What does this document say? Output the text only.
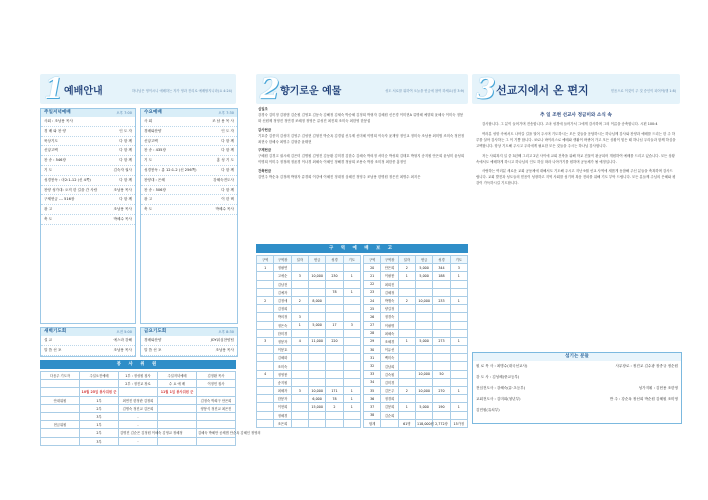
1 예배안내	하나님은 영이시니 예배하는 자가 영과 진리로 예배할지니라(요 4:24)
주일저녁예배	오후 7:00
사회 : 조남용 목사
경 배 와 찬 양	인 도 자
묵상기도	다 함 께
신앙고백	다 함 께
찬 송 : 546장	다 함 께
기 도	김숙자 권사
성경봉독 : 마2:1-12 (신 4쪽)	다 함 께
찬양 성가대: 오직 한 길을 간 사람	조남용 목사
구제헌금 --- 516장	다 함 께
광 고	조남용 목사
축 도	박혜수 목사
수요예배	오후 7:30
사 회	조 남 용 목 사
경배와찬양	인 도 자
신앙고백	다 함 께
찬 송 : 435장	다 함 께
기 도	홍 성 기 도
성경봉독 : 롬 12:1-2 (신 256쪽)	다 함 께
찬양대 : 은혜	강혜숙전도사
찬 송 : 506장	다 함 께
광 고	이 한 택
축 도	박혜수 목사
새벽기도회	오전 5:00
설 교	예스라 강해
말 씀 선 포	조남용 목사
금요기도회	오후 8:30
경배와찬양	JOY워십찬양팀
말 씀 선 포	조남용 목사
봉 사 위 원
다음주 기도자	주일오전예배	1부 : 정성원 집사	주일저녁예배	김정환 목사
		2부 : 정진교 장로	수 요 예 배	이정민 집사
	10월 25일 봉사위원 군		11월 1일 봉사위원 군	
안내위원	1부	최연진 한정란 김정희		김정숙 박희구 안은희
	2부	김명숙 정진교 김은희		양봉식 정진교 최은진
	3부	-		
현금위원	1부	-		
	2부	김명진 김순은 김정원 이혜숙 김영교 정혜정		김혜숙 박혜만 공채범 안순옥 김혜인 정영의
	3부	-		
2 향기로운 예물	성도 서로를 위하여 오늘을 헌금에 참여 하세요(잠 3:9)
십일조
강경숙 김미정 김왕범 김순원 김영호 김동숙 김해정 김채숙 박승혜 김정희 박형자 김혜원 신은경 이미현A 류명혜 예향희 윤혜숙 이미숙 정봉화 신원제 정영진 정연경 조혜정 정영은 류성진 최진희 조미숙 최한영 한봉섭
감사헌금
기호중 김종미 김성미 김영주 김성현 김형진 박순옥 김경섭 신우제 신미혜 이명희 이숙자 윤재영 정인교 정미숙 조남용 최미범 조미숙 정현정 최현숙 한혜숙 최명주 김형중 윤태현
구제헌금
구혜원 김경고 권시혜 김은미 김명원 김영진 김동환 김미경 김한수 김혜숙 박의정 서미순 박성희 김태호 박형지 송지원 안은희 윤성미 윤성희 이명희 이미주 정정례 정윤경 이나경 최혜숙 이혜인 정해경 정남희 조용숙 박창 조미정 최한종 홍정인
건축헌금
김연주 박순옥 김정례 박형자 류경희 이강애 이혜진 정대정 심혜진 정영주 조남용 한명원 정은진 최명수 최지은
구 역 예 배 보 고
구역	구역장	일자	헌금	성경	기도
1	정필연				
	고애순	3	10,000	230	1
	김남전				
	김예자			78	1
2	김정애	2	8,000		
	김정희				
	박의정	3			
	정은숙	1	5,000	17	3
	한미경				
3	정봉자	4	11,000	220	
	이봉호				
	김혜화				
	조미숙				
4	정영봉				
	송지원				
	최혜자	3	10,000	171	1
	한봉자		6,000	78	1
	이현희		15,000	2	1
	정혜경				
	조은희				
구역	구역장	일자	헌금	성경	기도
20	안은희	2	5,000	344	3
21	이필봉	1	5,000	188	1
22	최희진				
23	김혜정				
24	박행숙	2	10,000	233	1
25	양길정				
26	정경숙				
27	이필명				
28	최혜숙				
29	조혜경	1	5,000	273	1
30	이유선				
31	백미숙				
32	김남희				
33	김숙원		10,000	50	
34	김미경				
35	김은주	2	10,000	270	1
36	정경희				
37	김봉희	1	5,000	190	1
38	김순희				
합계		61명	118,000원	2,772장	15가정
3 선교지에서 온 편지	믿음으로 이것이 주 것 증인이 되어야(행 1:8)
추 일 조현 선교사 정금미와 소식 속

감사합니다. 그 분이 들어가며 전송합니다. 고마 성경에 들어가서 그에게 감사하며 그의 이름을 송축합니다. 시편 100:4

여러분 성항 속에서도 나아갈 길을 열어 주시며 기도하시는 모든 것들을 응답하시는 하나님께 감사와 찬양과 예배를 드리는 한 주 하루를 살아 감사하는 그 이 기쁨 합니다. 코로나 바이러스로 예배와 생활이 바뀌어 가고 모든 상황이 힘든 때 하나님 우리들과 함께 하심을 고백합니다. 항상 기도해 주시고 우리에게 필요한 모든 것들을 주시는 하나님 감사합니다.

저는 사회복지 일 중 3년째 그리고 2년 사이에 교회 건축을 위해 학교 건물이 완공되어 개원하여 예배를 드리고 있습니다. 모든 상황 속에서도 예배하게 하시고 하나님의 인도 하심 따라 나아가기를 원하며 공동체가 될 예정입니다.

사랑하는 여러분 새로운 교회 공동체에 대해서도 기도해 주시고 지난 9월 선교 사역에 새롭게 동참해 주신 분들을 축복하며 감사드립니다. 교회 발전과 성도들의 믿음이 성장하고 지역 사회를 섬기며 복음 전파를 위해 기도 부탁 드립니다. 모든 분들께 주님의 은혜와 평강이 가득하시길 기도합니다.

섬기는 분들
원 로 목 사 : 최병수(대국선교사)	사무장로 : 정진교 김수광 장종규 정순원
강 도 사 : 김성혜(중교등부)
전임전도사 : 강혜숙(유·초등부)	성가지휘 : 김헌용 조한영
교회전도사 : 김미희(청년부)	반 주 : 강순옥 정선희 박순원 김혜원 조미영
김민원(유치부)
